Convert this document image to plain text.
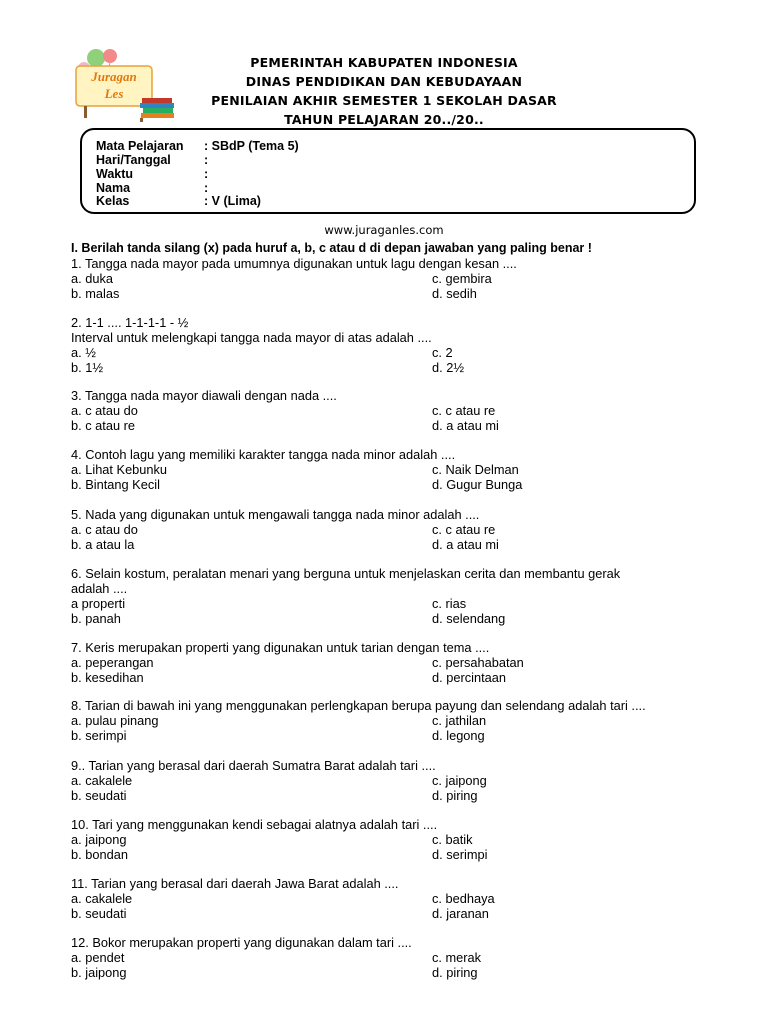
Juragan
Les
PEMERINTAH KABUPATEN INDONESIA
DINAS PENDIDIKAN DAN KEBUDAYAAN
PENILAIAN AKHIR SEMESTER 1 SEKOLAH DASAR
TAHUN PELAJARAN 20../20..
Mata Pelajaran : SBdP (Tema 5)
Hari/Tanggal	:
Waktu	:
Nama	:
Kelas	: V (Lima)
www.juraganles.com
I. Berilah tanda silang (x) pada huruf a, b, c atau d di depan jawaban yang paling benar !
1. Tangga nada mayor pada umumnya digunakan untuk lagu dengan kesan ....
a. duka	c. gembira
b. malas	d. sedih
2. 1-1 .... 1-1-1-1 - ½
Interval untuk melengkapi tangga nada mayor di atas adalah ....
a. ½	c. 2
b. 1½	d. 2½
3. Tangga nada mayor diawali dengan nada ....
a. c atau do	c. c atau re
b. c atau re	d. a atau mi
4. Contoh lagu yang memiliki karakter tangga nada minor adalah ....
a. Lihat Kebunku	c. Naik Delman
b. Bintang Kecil	d. Gugur Bunga
5. Nada yang digunakan untuk mengawali tangga nada minor adalah ....
a. c atau do	c. c atau re
b. a atau la	d. a atau mi
6. Selain kostum, peralatan menari yang berguna untuk menjelaskan cerita dan membantu gerak
adalah ....
a properti	c. rias
b. panah	d. selendang
7. Keris merupakan properti yang digunakan untuk tarian dengan tema ....
a. peperangan	c. persahabatan
b. kesedihan	d. percintaan
8. Tarian di bawah ini yang menggunakan perlengkapan berupa payung dan selendang adalah tari ....
a. pulau pinang	c. jathilan
b. serimpi	d. legong
9.. Tarian yang berasal dari daerah Sumatra Barat adalah tari ....
a. cakalele	c. jaipong
b. seudati	d. piring
10. Tari yang menggunakan kendi sebagai alatnya adalah tari ....
a. jaipong	c. batik
b. bondan	d. serimpi
11. Tarian yang berasal dari daerah Jawa Barat adalah ....
a. cakalele	c. bedhaya
b. seudati	d. jaranan
12. Bokor merupakan properti yang digunakan dalam tari ....
a. pendet	c. merak
b. jaipong	d. piring
